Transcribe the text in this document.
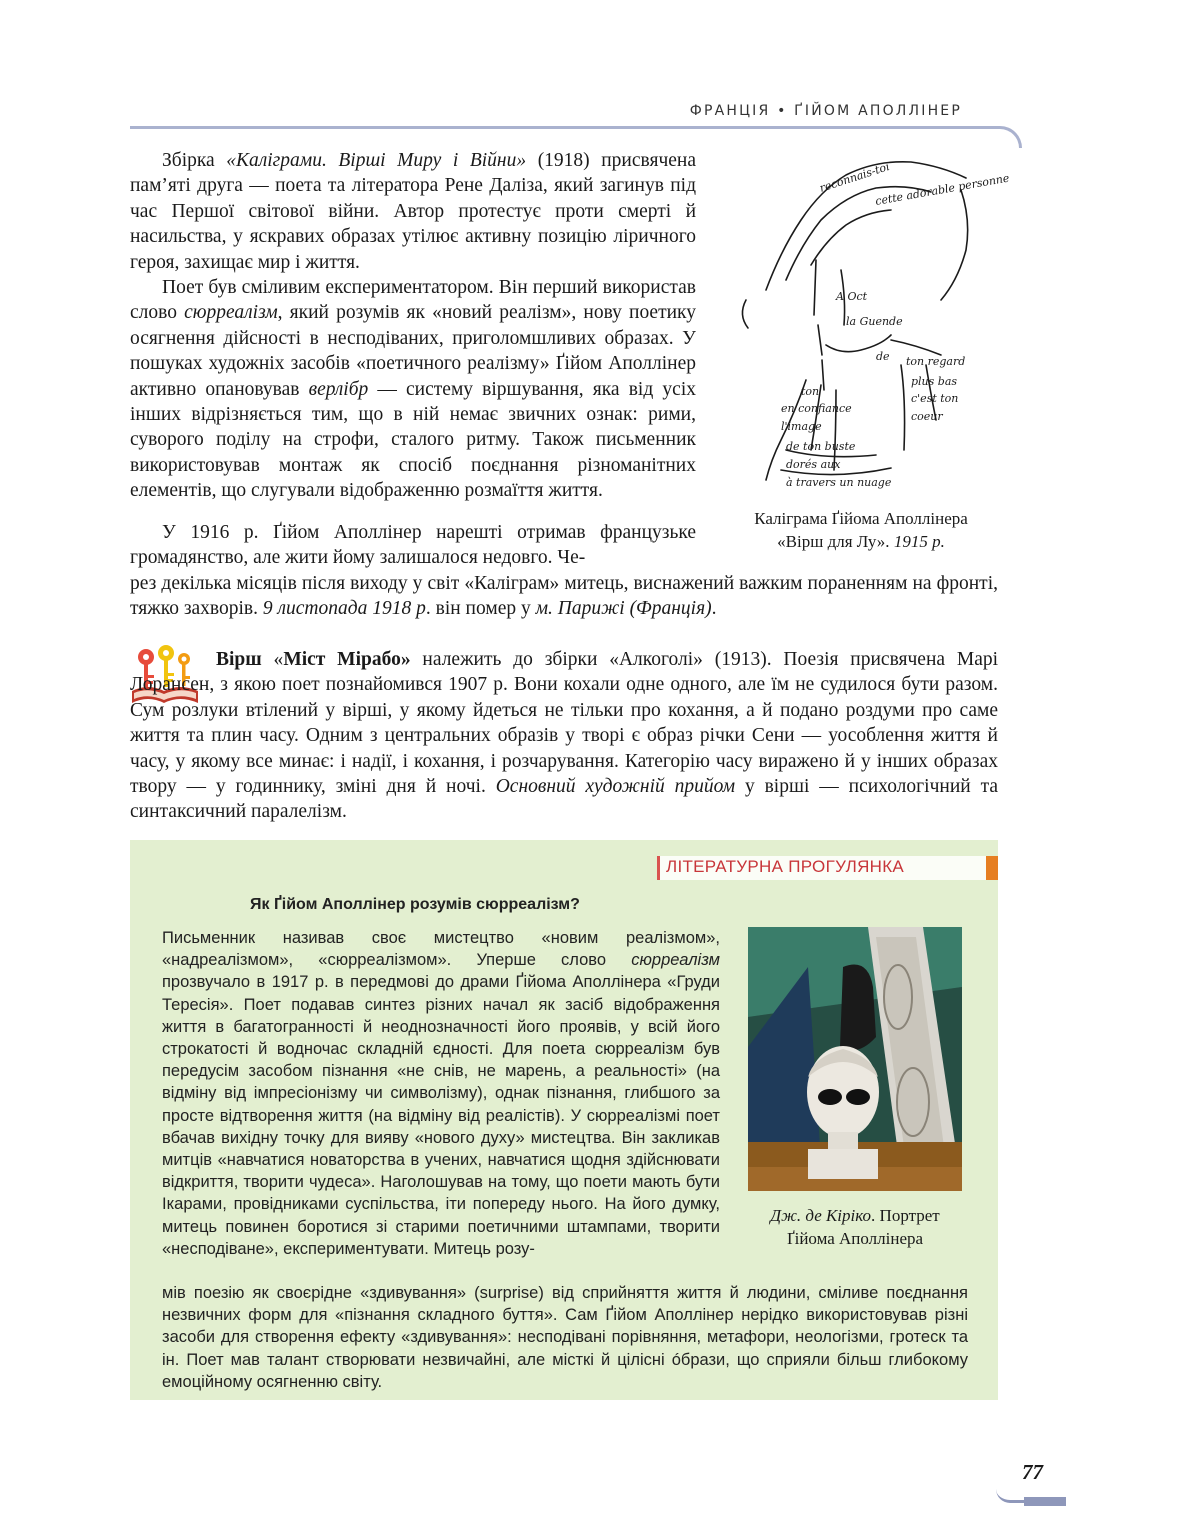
ФРАНЦІЯ • ҐІЙОМ АПОЛЛІНЕР

Збірка «Каліграми. Вірші Миру і Війни» (1918) присвячена пам’яті друга — поета та літератора Рене Даліза, який загинув під час Першої світової війни. Автор протестує проти смерті й насильства, у яскравих образах утілює активну позицію ліричного героя, захищає мир і життя.

Поет був сміливим експериментатором. Він перший використав слово сюрреалізм, який розумів як «новий реалізм», нову поетику осягнення дійсності в несподіваних, приголомшливих образах. У пошуках художніх засобів «поетичного реалізму» Ґійом Аполлінер активно опановував верлібр — систему віршування, яка від усіх інших відрізняється тим, що в ній немає звичних ознак: рими, суворого поділу на строфи, сталого ритму. Також письменник використовував монтаж як спосіб поєднання різноманітних елементів, що слугували відображенню розмаїття життя.

У 1916 р. Ґійом Аполлінер нарешті отримав французьке громадянство, але жити йому залишалося недовго. Че-

рез декілька місяців після виходу у світ «Каліграм» митець, виснажений важким пораненням на фронті, тяжко захворів. 9 листопада 1918 р. він помер у м. Парижі (Франція).

reconnais-toi
cette adorable personne
A Oct
la Guende
de ton regard
plus bas
c'est ton
coeur
ton
en confiance
l'image
de ton buste
dorés aux
à travers un nuage
Каліграма Ґійома Аполлінера
«Вірш для Лу». 1915 р.

Вірш «Міст Мірабо» належить до збірки «Алкоголі» (1913). Поезія присвячена Марі Лорансен, з якою поет познайомився 1907 р. Вони кохали одне одного, але їм не судилося бути разом. Сум розлуки втілений у вірші, у якому йдеться не тільки про кохання, а й подано роздуми про саме життя та плин часу. Одним з центральних образів у творі є образ річки Сени — уособлення життя й часу, у якому все минає: і надії, і кохання, і розчарування. Категорію часу виражено й у інших образах твору — у годиннику, зміні дня й ночі. Основний художній прийом у вірші — психологічний та синтаксичний паралелізм.

ЛІТЕРАТУРНА ПРОГУЛЯНКА
Як Ґійом Аполлінер розумів сюрреалізм?

Письменник називав своє мистецтво «новим реалізмом», «надреалізмом», «сюрреалізмом». Уперше слово сюрреалізм прозвучало в 1917 р. в передмові до драми Ґійома Аполлінера «Груди Тересія». Поет подавав синтез різних начал як засіб відображення життя в багатогранності й неоднозначності його проявів, у всій його строкатості й водночас складній єдності. Для поета сюрреалізм був передусім засобом пізнання «не снів, не марень, а реальності» (на відміну від імпресіонізму чи символізму), однак пізнання, глибшого за просте відтворення життя (на відміну від реалістів). У сюрреалізмі поет вбачав вихідну точку для вияву «нового духу» мистецтва. Він закликав митців «навчатися новаторства в учених, навчатися щодня здійснювати відкриття, творити чудеса». Наголошував на тому, що поети мають бути Ікарами, провідниками суспільства, іти попереду нього. На його думку, митець повинен боротися зі старими поетичними штампами, творити «несподіване», експериментувати. Митець розу-

мів поезію як своєрідне «здивування» (surprise) від сприйняття життя й людини, сміливе поєднання незвичних форм для «пізнання складного буття». Сам Ґійом Аполлінер нерідко використовував різні засоби для створення ефекту «здивування»: несподівані порівняння, метафори, неологізми, гротеск та ін. Поет мав талант створювати незвичайні, але місткі й цілісні óбрази, що сприяли більш глибокому емоційному осягненню світу.

Дж. де Кіріко. Портрет
Ґійома Аполлінера
77
